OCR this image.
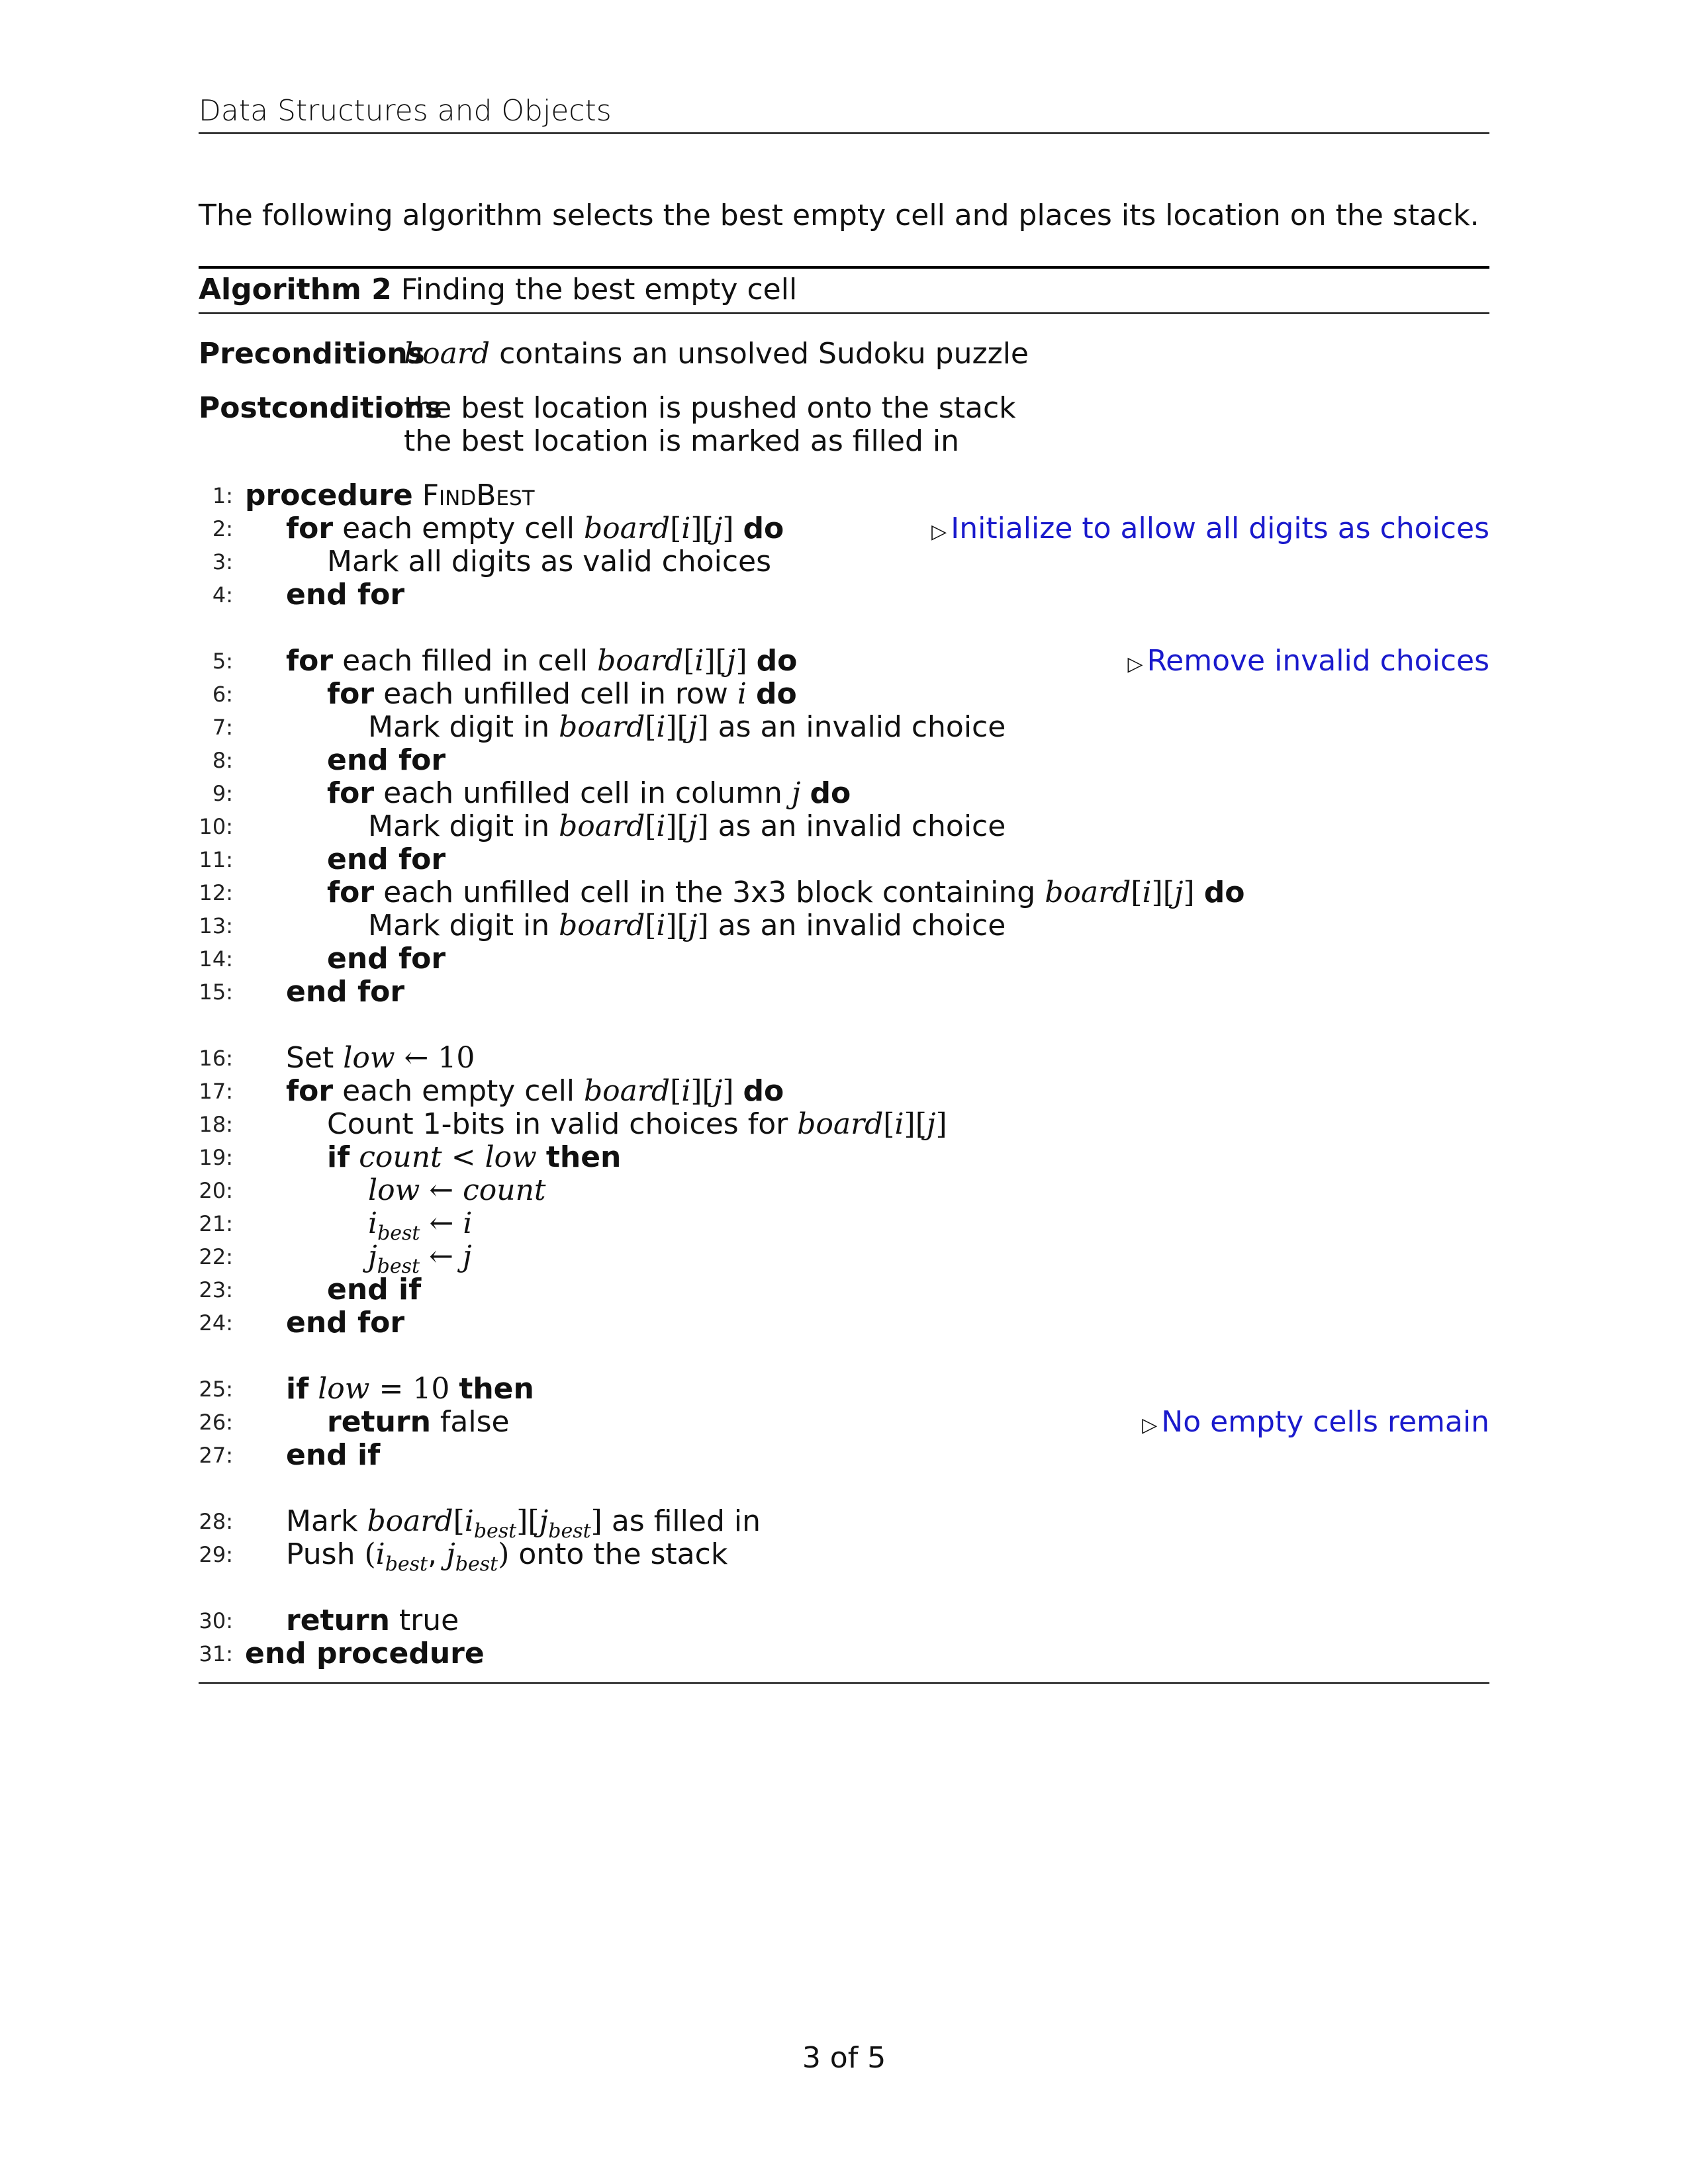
Data Structures and Objects
The following algorithm selects the best empty cell and places its location on the stack.
Algorithm 2 Finding the best empty cell
Preconditions
board contains an unsolved Sudoku puzzle
Postconditions
the best location is pushed onto the stack
the best location is marked as filled in
1: procedure FindBest
2: for each empty cell board[i][j] do	▷ Initialize to allow all digits as choices
3:	Mark all digits as valid choices
4: end for
5: for each filled in cell board[i][j] do	▷ Remove invalid choices
6:	for each unfilled cell in row i do
7:	Mark digit in board[i][j] as an invalid choice
8:	end for
9:	for each unfilled cell in column j do
10:	Mark digit in board[i][j] as an invalid choice
11:	end for
12:	for each unfilled cell in the 3x3 block containing board[i][j] do
13:	Mark digit in board[i][j] as an invalid choice
14:	end for
15: end for
16: Set low ← 10
17: for each empty cell board[i][j] do
18:	Count 1-bits in valid choices for board[i][j]
19:	if count < low then
20:	low ← count
21:	$i_{best}$ ← i
22:	$j_{best}$ ← j
23:	end if
24: end for
25: if low = 10 then
26:	return false	▷ No empty cells remain
27: end if
28: Mark $board[i_{best}][j_{best}]$ as filled in
29: Push ($i_{best}$, $j_{best}$) onto the stack
30: return true
31: end procedure
3 of 5
